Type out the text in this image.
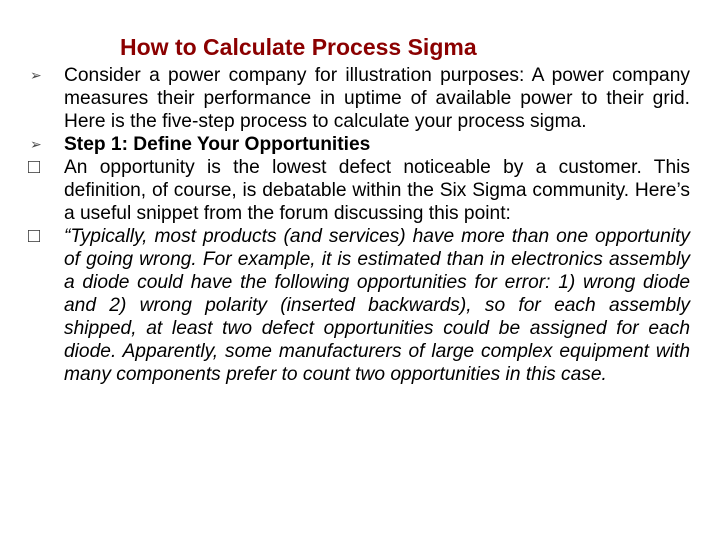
How to Calculate Process Sigma

➢ Consider a power company for illustration purposes: A power company measures their performance in uptime of available power to their grid. Here is the five-step process to calculate your process sigma.

➢ Step 1: Define Your Opportunities

□ An opportunity is the lowest defect noticeable by a customer. This definition, of course, is debatable within the Six Sigma community. Here’s a useful snippet from the forum discussing this point:

□ “Typically, most products (and services) have more than one opportunity of going wrong. For example, it is estimated than in electronics assembly a diode could have the following opportunities for error: 1) wrong diode and 2) wrong polarity (inserted backwards), so for each assembly shipped, at least two defect opportunities could be assigned for each diode. Apparently, some manufacturers of large complex equipment with many components prefer to count two opportunities in this case.
